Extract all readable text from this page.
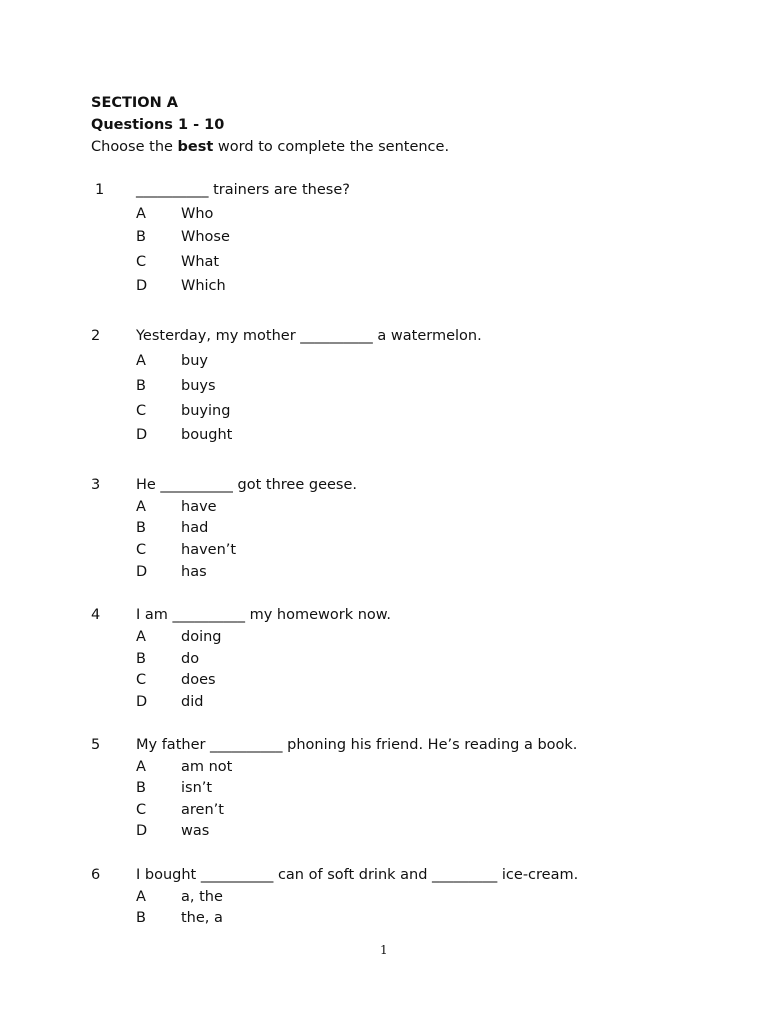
SECTION A
Questions 1 - 10
Choose the best word to complete the sentence.
1 __________ trainers are these?
A Who
B Whose
C What
D Which
2 Yesterday, my mother __________ a watermelon.
A buy
B buys
C buying
D bought
3 He __________ got three geese.
A have
B had
C haven’t
D has
4 I am __________ my homework now.
A doing
B do
C does
D did
5 My father __________ phoning his friend. He’s reading a book.
A am not
B isn’t
C aren’t
D was
6 I bought __________ can of soft drink and _________ ice-cream.
A a, the
B the, a
1
